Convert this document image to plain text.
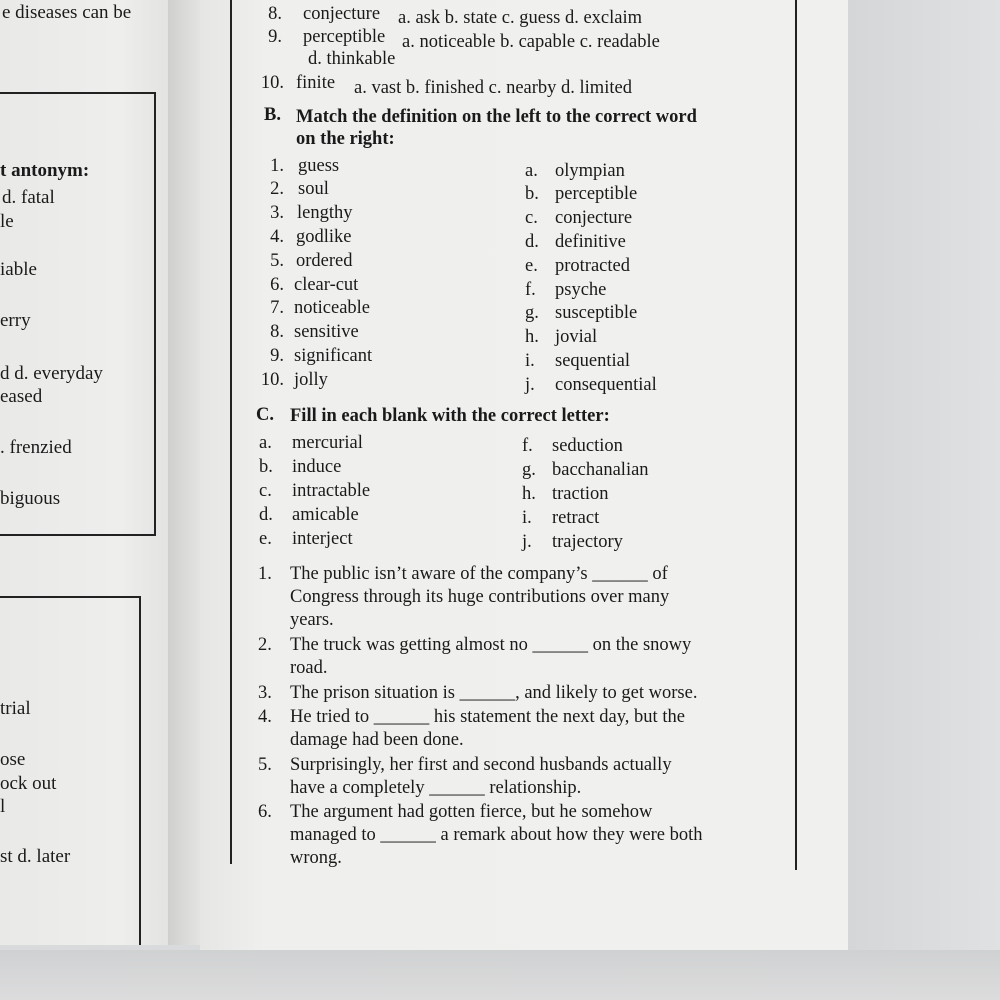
e diseases can be
t antonym:
d. fatal
le
iable
erry
d d. everyday
eased
. frenzied
biguous
trial
ose
ock out
l
st d. later
8. conjecture a. ask b. state c. guess d. exclaim
9. perceptible a. noticeable b. capable c. readable
d. thinkable
10. finite a. vast b. finished c. nearby d. limited
B. Match the definition on the left to the correct word
on the right:
1. guess
2. soul
3. lengthy
4. godlike
5. ordered
6. clear-cut
7. noticeable
8. sensitive
9. significant
10. jolly
a. olympian
b. perceptible
c. conjecture
d. definitive
e. protracted
f. psyche
g. susceptible
h. jovial
i. sequential
j. consequential
C. Fill in each blank with the correct letter:
a. mercurial
b. induce
c. intractable
d. amicable
e. interject
f. seduction
g. bacchanalian
h. traction
i. retract
j. trajectory
1. The public isn’t aware of the company’s ______ of
Congress through its huge contributions over many
years.
2. The truck was getting almost no ______ on the snowy
road.
3. The prison situation is ______, and likely to get worse.
4. He tried to ______ his statement the next day, but the
damage had been done.
5. Surprisingly, her first and second husbands actually
have a completely ______ relationship.
6. The argument had gotten fierce, but he somehow
managed to ______ a remark about how they were both
wrong.
